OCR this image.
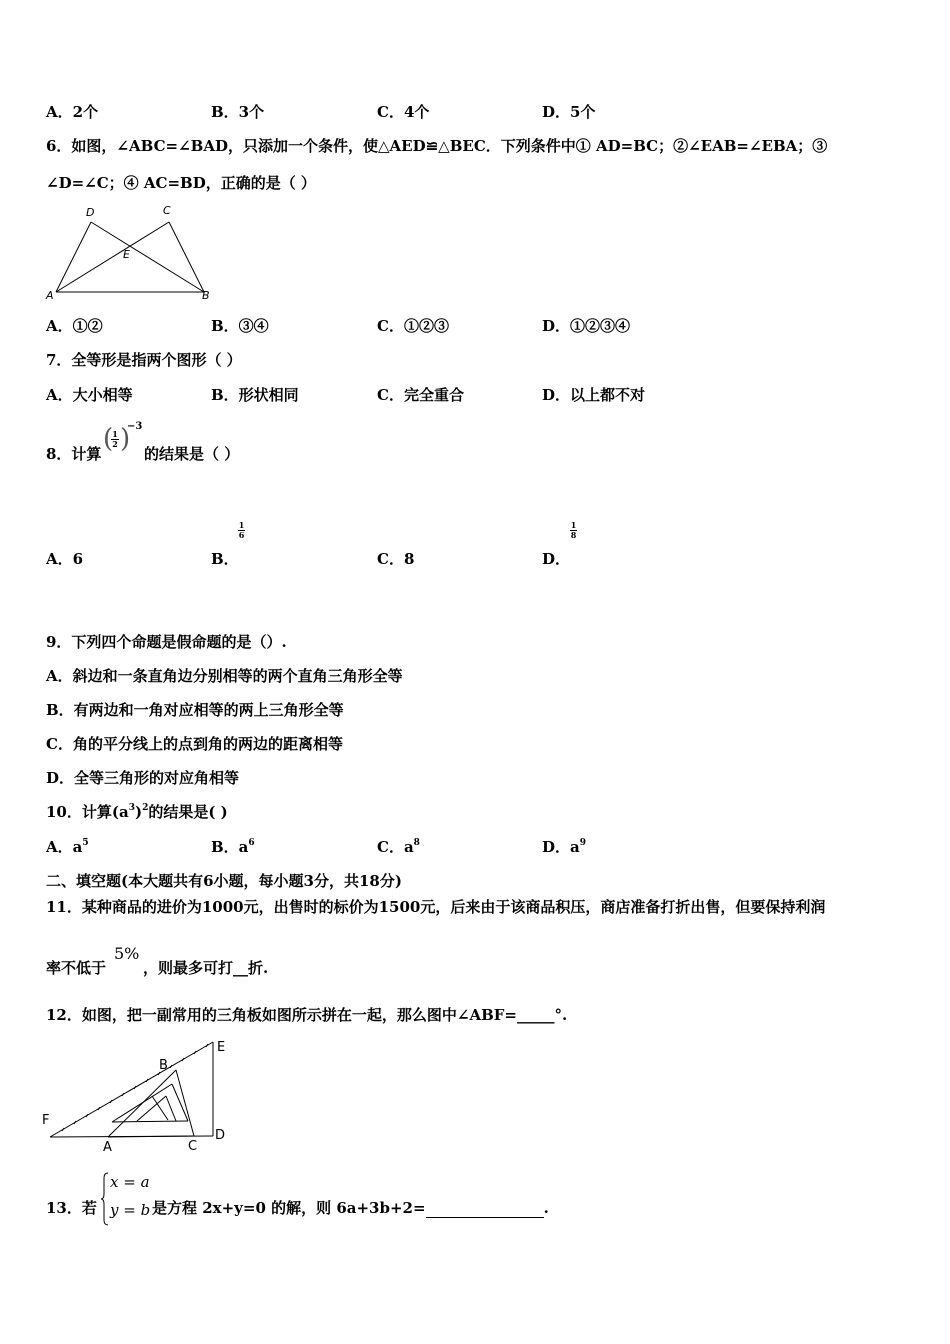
A．2个	B．3个	C．4个	D．5个
6．如图，∠ABC=∠BAD，只添加一个条件，使△AED≌△BEC．下列条件中① AD=BC；②∠EAB=∠EBA；③
∠D=∠C；④ AC=BD，正确的是（ ）
D	C
E
A	B
A．①②	B．③④	C．①②③	D．①②③④
7．全等形是指两个图形（ ）
A．大小相等	B．形状相同	C．完全重合	D．以上都不对
8．计算 ( 1
2 )
−3
的结果是（ ）
A．6	B．
1
6
C．8	D．
1
8
9．下列四个命题是假命题的是（）.
A．斜边和一条直角边分别相等的两个直角三角形全等
B．有两边和一角对应相等的两上三角形全等
C．角的平分线上的点到角的两边的距离相等
D．全等三角形的对应角相等
10．计算$(a^3)^2$的结果是( )
A．$a^5$	B．$a^6$	C．$a^8$	D．$a^9$
二、填空题(本大题共有6小题，每小题3分，共18分)
11．某种商品的进价为1000元，出售时的标价为1500元，后来由于该商品积压，商店准备打折出售，但要保持利润
率不低于
5%
，则最多可打__折.
12．如图，把一副常用的三角板如图所示拼在一起，那么图中∠ABF=_____°.
B
E
F
D
C
A
13．若
x = a
y = b 是方程 2x+y=0 的解，则 6a+3b+2=	.
